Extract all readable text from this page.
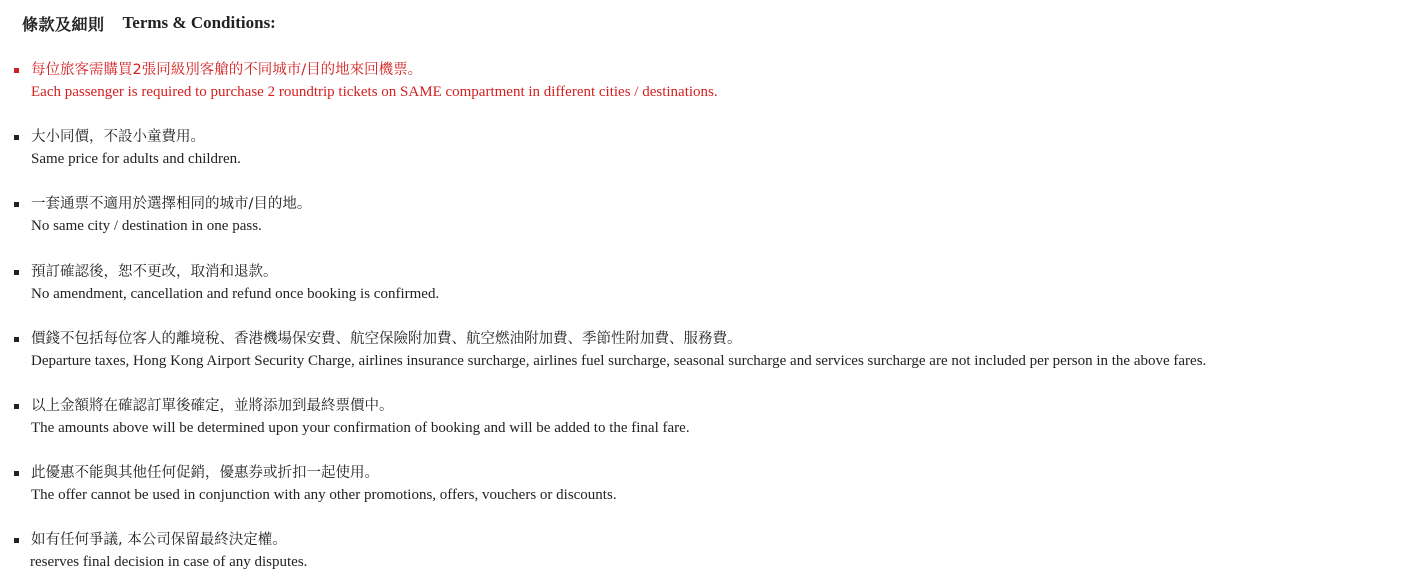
條款及細則 Terms & Conditions:
每位旅客需購買2張同級別客艙的不同城市/目的地來回機票。
Each passenger is required to purchase 2 roundtrip tickets on SAME compartment in different cities / destinations.
大小同價，不設小童費用。
Same price for adults and children.
一套通票不適用於選擇相同的城市/目的地。
No same city / destination in one pass.
預訂確認後，恕不更改，取消和退款。
No amendment, cancellation and refund once booking is confirmed.
價錢不包括每位客人的離境稅、香港機場保安費、航空保險附加費、航空燃油附加費、季節性附加費、服務費。
Departure taxes, Hong Kong Airport Security Charge, airlines insurance surcharge, airlines fuel surcharge, seasonal surcharge and services surcharge are not included per person in the above fares.
以上金額將在確認訂單後確定，並將添加到最終票價中。
The amounts above will be determined upon your confirmation of booking and will be added to the final fare.
此優惠不能與其他任何促銷，優惠券或折扣一起使用。
The offer cannot be used in conjunction with any other promotions, offers, vouchers or discounts.
如有任何爭議, 本公司保留最終決定權。
reserves final decision in case of any disputes.
